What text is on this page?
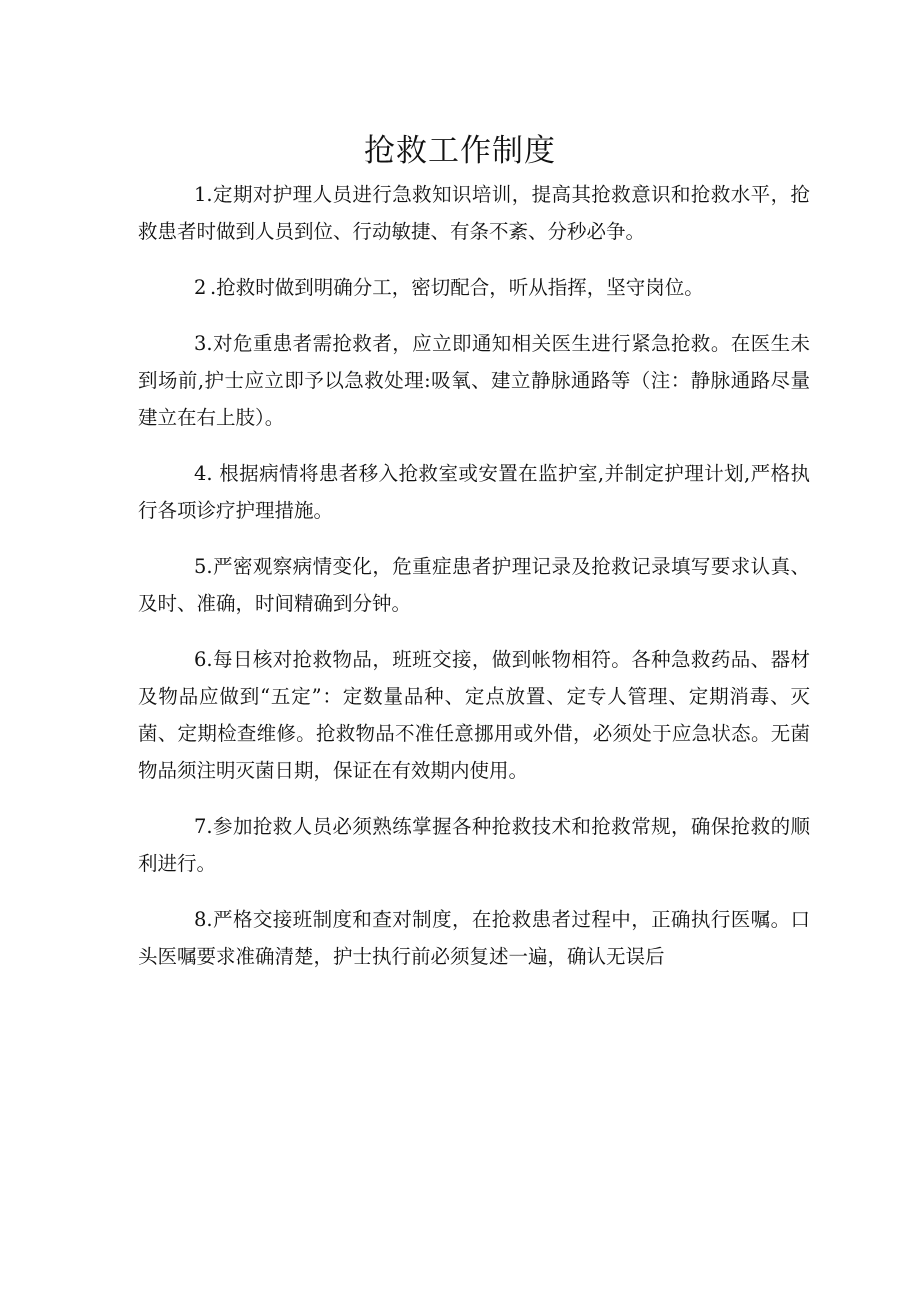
抢救工作制度

1.定期对护理人员进行急救知识培训，提高其抢救意识和抢救水平，抢救患者时做到人员到位、行动敏捷、有条不紊、分秒必争。

2 .抢救时做到明确分工，密切配合，听从指挥，坚守岗位。

3.对危重患者需抢救者，应立即通知相关医生进行紧急抢救。在医生未到场前,护士应立即予以急救处理:吸氧、建立静脉通路等（注：静脉通路尽量建立在右上肢）。

4. 根据病情将患者移入抢救室或安置在监护室,并制定护理计划,严格执行各项诊疗护理措施。

5.严密观察病情变化，危重症患者护理记录及抢救记录填写要求认真、及时、准确，时间精确到分钟。

6.每日核对抢救物品，班班交接，做到帐物相符。各种急救药品、器材及物品应做到“五定”：定数量品种、定点放置、定专人管理、定期消毒、灭菌、定期检查维修。抢救物品不准任意挪用或外借，必须处于应急状态。无菌物品须注明灭菌日期，保证在有效期内使用。

7.参加抢救人员必须熟练掌握各种抢救技术和抢救常规，确保抢救的顺利进行。

8.严格交接班制度和查对制度，在抢救患者过程中，正确执行医嘱。口头医嘱要求准确清楚，护士执行前必须复述一遍，确认无误后
